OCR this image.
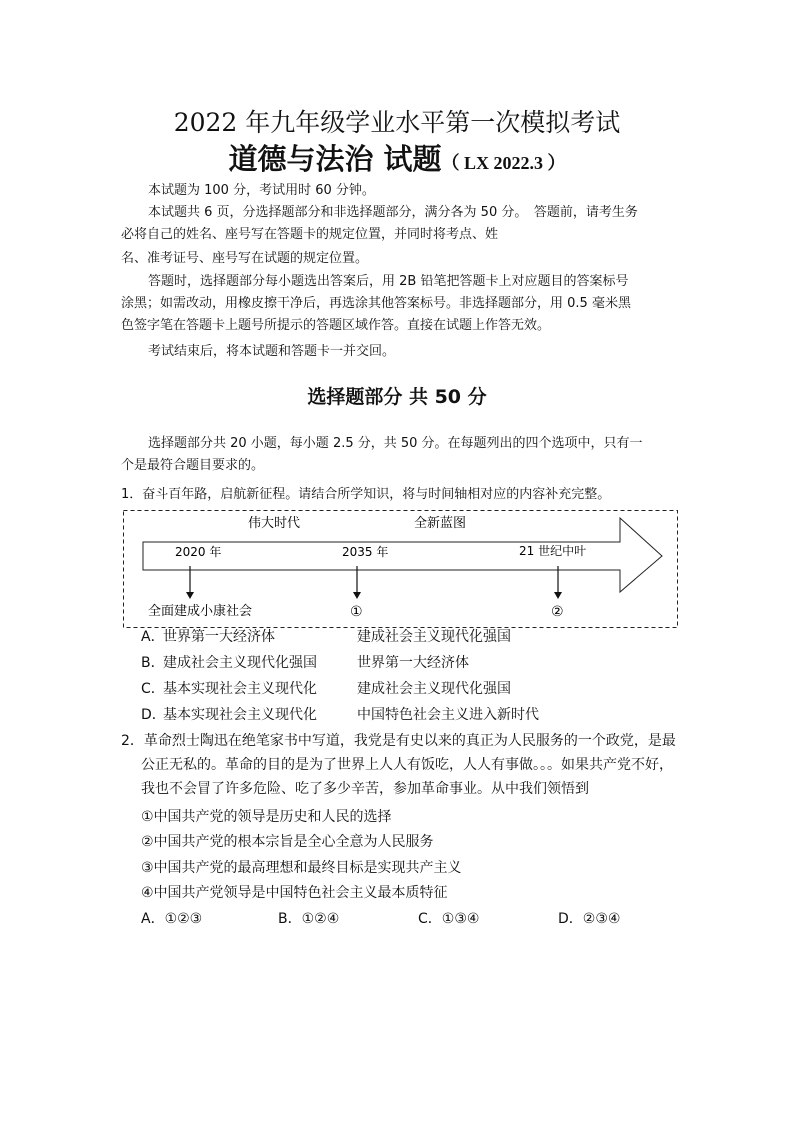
2022 年九年级学业水平第一次模拟考试
道德与法治 试题（ LX 2022.3 ）
本试题为 100 分，考试用时 60 分钟。
本试题共 6 页，分选择题部分和非选择题部分，满分各为 50 分。　答题前，请考生务
必将自己的姓名、座号写在答题卡的规定位置，并同时将考点、姓
名、准考证号、座号写在试题的规定位置。
答题时，选择题部分每小题选出答案后，用 2B 铅笔把答题卡上对应题目的答案标号
涂黑；如需改动，用橡皮擦干净后，再选涂其他答案标号。非选择题部分，用 0.5 毫米黑
色签字笔在答题卡上题号所提示的答题区域作答。直接在试题上作答无效。
考试结束后，将本试题和答题卡一并交回。
选择题部分 共 50 分
选择题部分共 20 小题，每小题 2.5 分，共 50 分。在每题列出的四个选项中，只有一
个是最符合题目要求的。
1．奋斗百年路，启航新征程。请结合所学知识，将与时间轴相对应的内容补充完整。
伟大时代	全新蓝图
2020 年	2035 年	21 世纪中叶
全面建成小康社会	①	②
A．
世界第一大经济体	建成社会主义现代化强国
B．
建成社会主义现代化强国	世界第一大经济体
C．
基本实现社会主义现代化	建成社会主义现代化强国
D．
基本实现社会主义现代化	中国特色社会主义进入新时代
2．革命烈士陶迅在绝笔家书中写道，我党是有史以来的真正为人民服务的一个政党，是最
公正无私的。革命的目的是为了世界上人人有饭吃，人人有事做。。。如果共产党不好，
我也不会冒了许多危险、吃了多少辛苦，参加革命事业。从中我们领悟到
①中国共产党的领导是历史和人民的选择
②中国共产党的根本宗旨是全心全意为人民服务
③中国共产党的最高理想和最终目标是实现共产主义
④中国共产党领导是中国特色社会主义最本质特征
A．①②③	B．①②④	C．①③④	D．②③④
